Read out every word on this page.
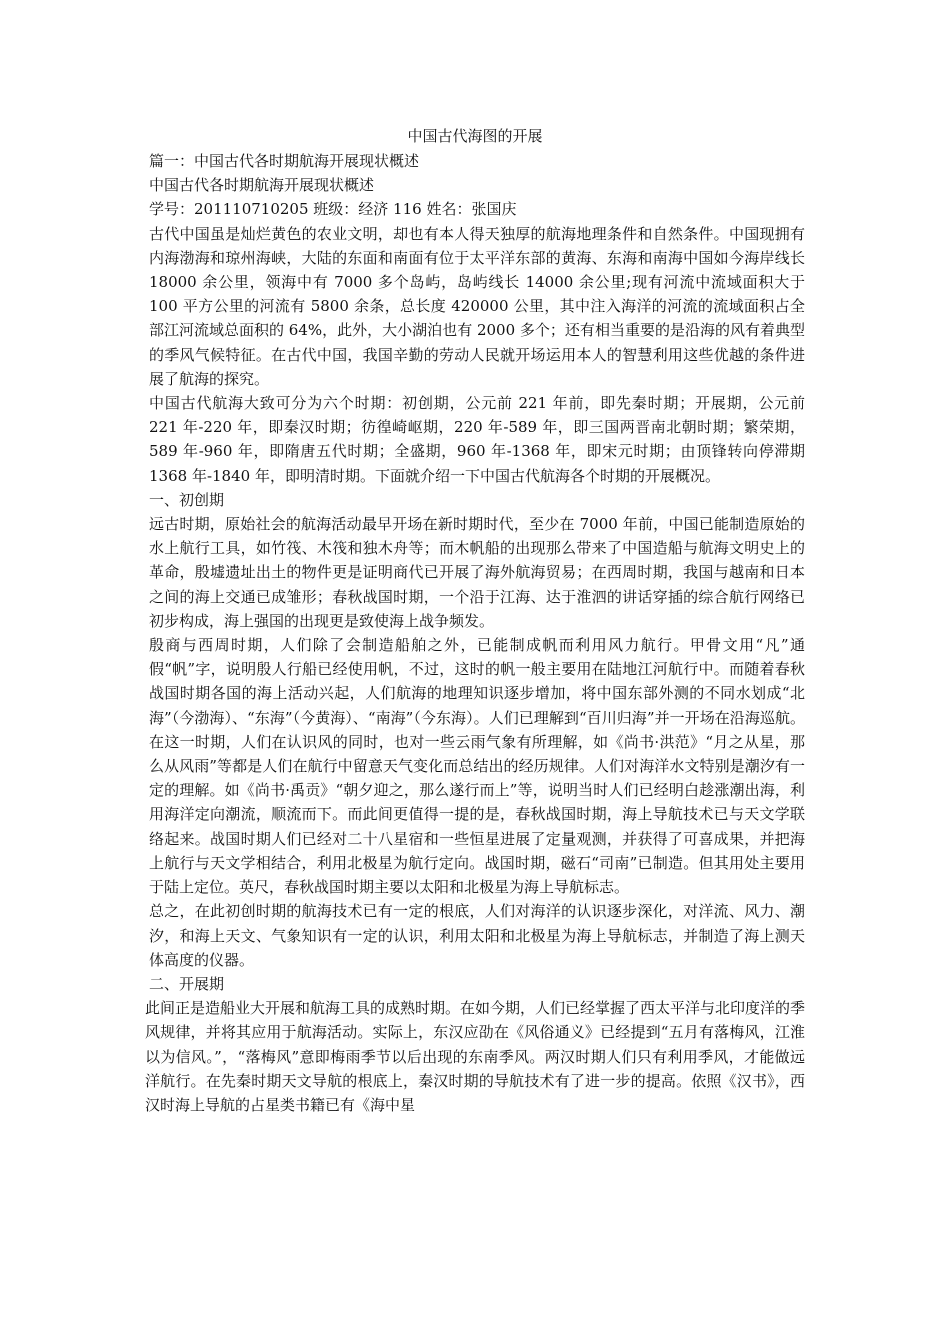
中国古代海图的开展

篇一：中国古代各时期航海开展现状概述

中国古代各时期航海开展现状概述

学号：201110710205 班级：经济 116 姓名：张国庆

古代中国虽是灿烂黄色的农业文明，却也有本人得天独厚的航海地理条件和自然条件。中国现拥有内海渤海和琼州海峡，大陆的东面和南面有位于太平洋东部的黄海、东海和南海中国如今海岸线长 18000 余公里，领海中有 7000 多个岛屿，岛屿线长 14000 余公里;现有河流中流域面积大于 100 平方公里的河流有 5800 余条，总长度 420000 公里，其中注入海洋的河流的流域面积占全部江河流域总面积的 64%，此外，大小湖泊也有 2000 多个；还有相当重要的是沿海的风有着典型的季风气候特征。在古代中国，我国辛勤的劳动人民就开场运用本人的智慧利用这些优越的条件进展了航海的探究。

中国古代航海大致可分为六个时期：初创期，公元前 221 年前，即先秦时期；开展期，公元前 221 年-220 年，即秦汉时期；彷徨崎岖期，220 年-589 年，即三国两晋南北朝时期；繁荣期，589 年-960 年，即隋唐五代时期；全盛期，960 年-1368 年，即宋元时期；由顶锋转向停滞期 1368 年-1840 年，即明清时期。下面就介绍一下中国古代航海各个时期的开展概况。

一、初创期

远古时期，原始社会的航海活动最早开场在新时期时代，至少在 7000 年前，中国已能制造原始的水上航行工具，如竹筏、木筏和独木舟等；而木帆船的出现那么带来了中国造船与航海文明史上的革命，殷墟遗址出土的物件更是证明商代已开展了海外航海贸易；在西周时期，我国与越南和日本之间的海上交通已成雏形；春秋战国时期，一个沿于江海、达于淮泗的讲话穿插的综合航行网络已初步构成，海上强国的出现更是致使海上战争频发。

殷商与西周时期，人们除了会制造船舶之外，已能制成帆而利用风力航行。甲骨文用“凡”通假“帆”字，说明殷人行船已经使用帆，不过，这时的帆一般主要用在陆地江河航行中。而随着春秋战国时期各国的海上活动兴起，人们航海的地理知识逐步增加，将中国东部外测的不同水划成“北海”（今渤海）、“东海”（今黄海）、“南海”（今东海）。人们已理解到“百川归海”并一开场在沿海巡航。在这一时期，人们在认识风的同时，也对一些云雨气象有所理解，如《尚书·洪范》“月之从星，那么从风雨”等都是人们在航行中留意天气变化而总结出的经历规律。人们对海洋水文特别是潮汐有一定的理解。如《尚书·禹贡》“朝夕迎之，那么遂行而上”等，说明当时人们已经明白趁涨潮出海，利用海洋定向潮流，顺流而下。而此间更值得一提的是，春秋战国时期，海上导航技术已与天文学联络起来。战国时期人们已经对二十八星宿和一些恒星进展了定量观测，并获得了可喜成果，并把海上航行与天文学相结合，利用北极星为航行定向。战国时期，磁石“司南”已制造。但其用处主要用于陆上定位。英尺，春秋战国时期主要以太阳和北极星为海上导航标志。

总之，在此初创时期的航海技术已有一定的根底，人们对海洋的认识逐步深化，对洋流、风力、潮汐，和海上天文、气象知识有一定的认识，利用太阳和北极星为海上导航标志，并制造了海上测天体高度的仪器。

二、开展期

此间正是造船业大开展和航海工具的成熟时期。在如今期，人们已经掌握了西太平洋与北印度洋的季风规律，并将其应用于航海活动。实际上，东汉应劭在《风俗通义》已经提到“五月有落梅风，江淮以为信风。”，“落梅风”意即梅雨季节以后出现的东南季风。两汉时期人们只有利用季风，才能做远洋航行。在先秦时期天文导航的根底上，秦汉时期的导航技术有了进一步的提高。依照《汉书》，西汉时海上导航的占星类书籍已有《海中星
